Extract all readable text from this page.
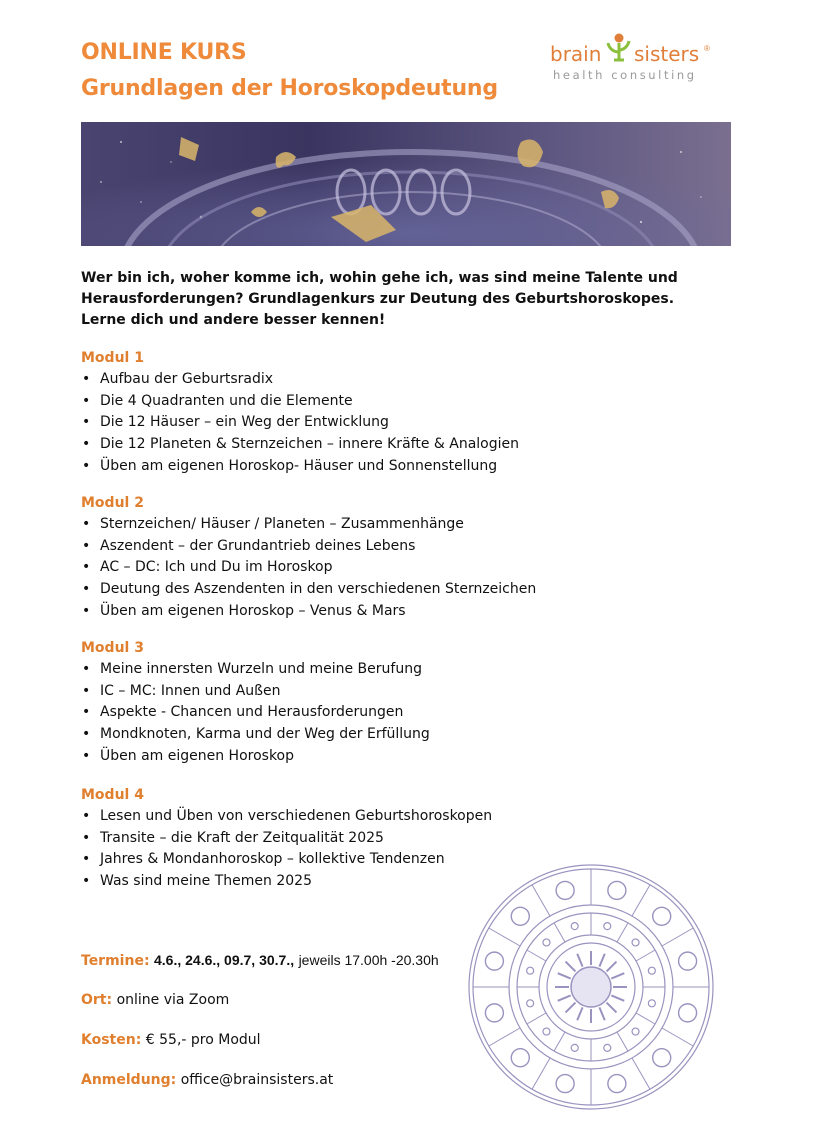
ONLINE KURS
Grundlagen der Horoskopdeutung
brain sisters ®
health consulting
Wer bin ich, woher komme ich, wohin gehe ich, was sind meine Talente und Herausforderungen? Grundlagenkurs zur Deutung des Geburtshoroskopes. Lerne dich und andere besser kennen!
Modul 1
• Aufbau der Geburtsradix
• Die 4 Quadranten und die Elemente
• Die 12 Häuser – ein Weg der Entwicklung
• Die 12 Planeten & Sternzeichen – innere Kräfte & Analogien
• Üben am eigenen Horoskop- Häuser und Sonnenstellung
Modul 2
• Sternzeichen/ Häuser / Planeten – Zusammenhänge
• Aszendent – der Grundantrieb deines Lebens
• AC – DC: Ich und Du im Horoskop
• Deutung des Aszendenten in den verschiedenen Sternzeichen
• Üben am eigenen Horoskop – Venus & Mars
Modul 3
• Meine innersten Wurzeln und meine Berufung
• IC – MC: Innen und Außen
• Aspekte - Chancen und Herausforderungen
• Mondknoten, Karma und der Weg der Erfüllung
• Üben am eigenen Horoskop
Modul 4
• Lesen und Üben von verschiedenen Geburtshoroskopen
• Transite – die Kraft der Zeitqualität 2025
• Jahres & Mondanhoroskop – kollektive Tendenzen
• Was sind meine Themen 2025
Termine: 4.6., 24.6., 09.7, 30.7., jeweils 17.00h -20.30h
Ort: online via Zoom
Kosten: € 55,- pro Modul
Anmeldung: office@brainsisters.at
